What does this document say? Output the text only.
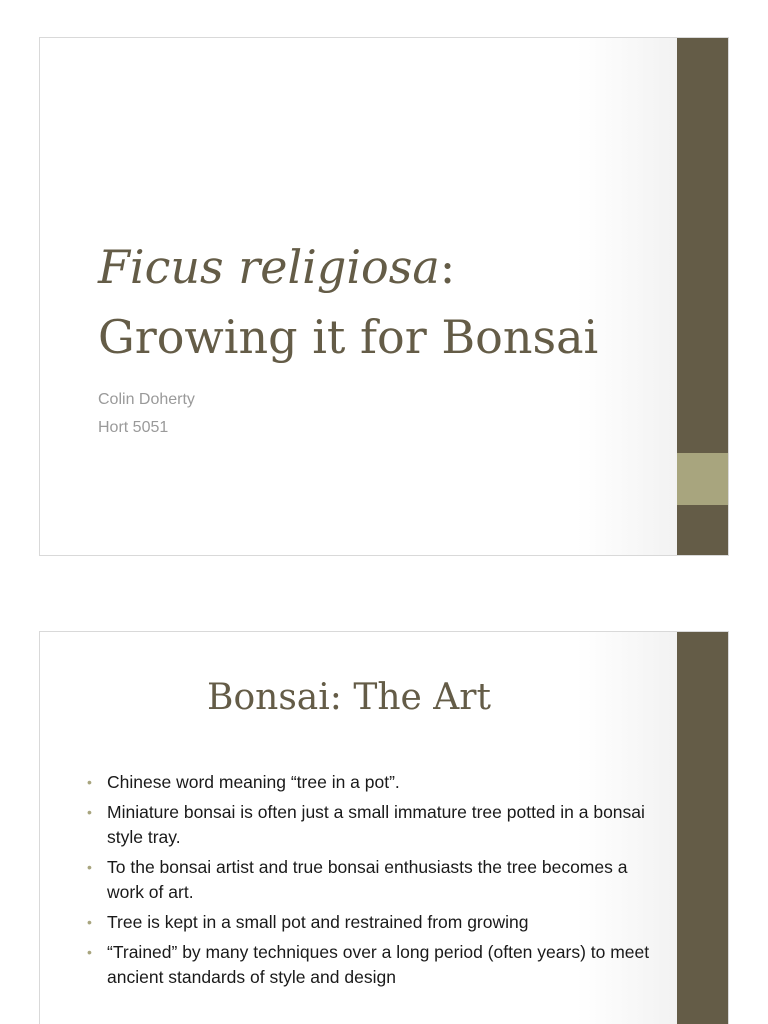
Ficus religiosa:
Growing it for Bonsai
Colin Doherty
Hort 5051
Bonsai: The Art
• Chinese word meaning “tree in a pot”.
• Miniature bonsai is often just a small immature tree potted in a bonsai style tray.
• To the bonsai artist and true bonsai enthusiasts the tree becomes a work of art.
• Tree is kept in a small pot and restrained from growing
• “Trained” by many techniques over a long period (often years) to meet ancient standards of style and design
